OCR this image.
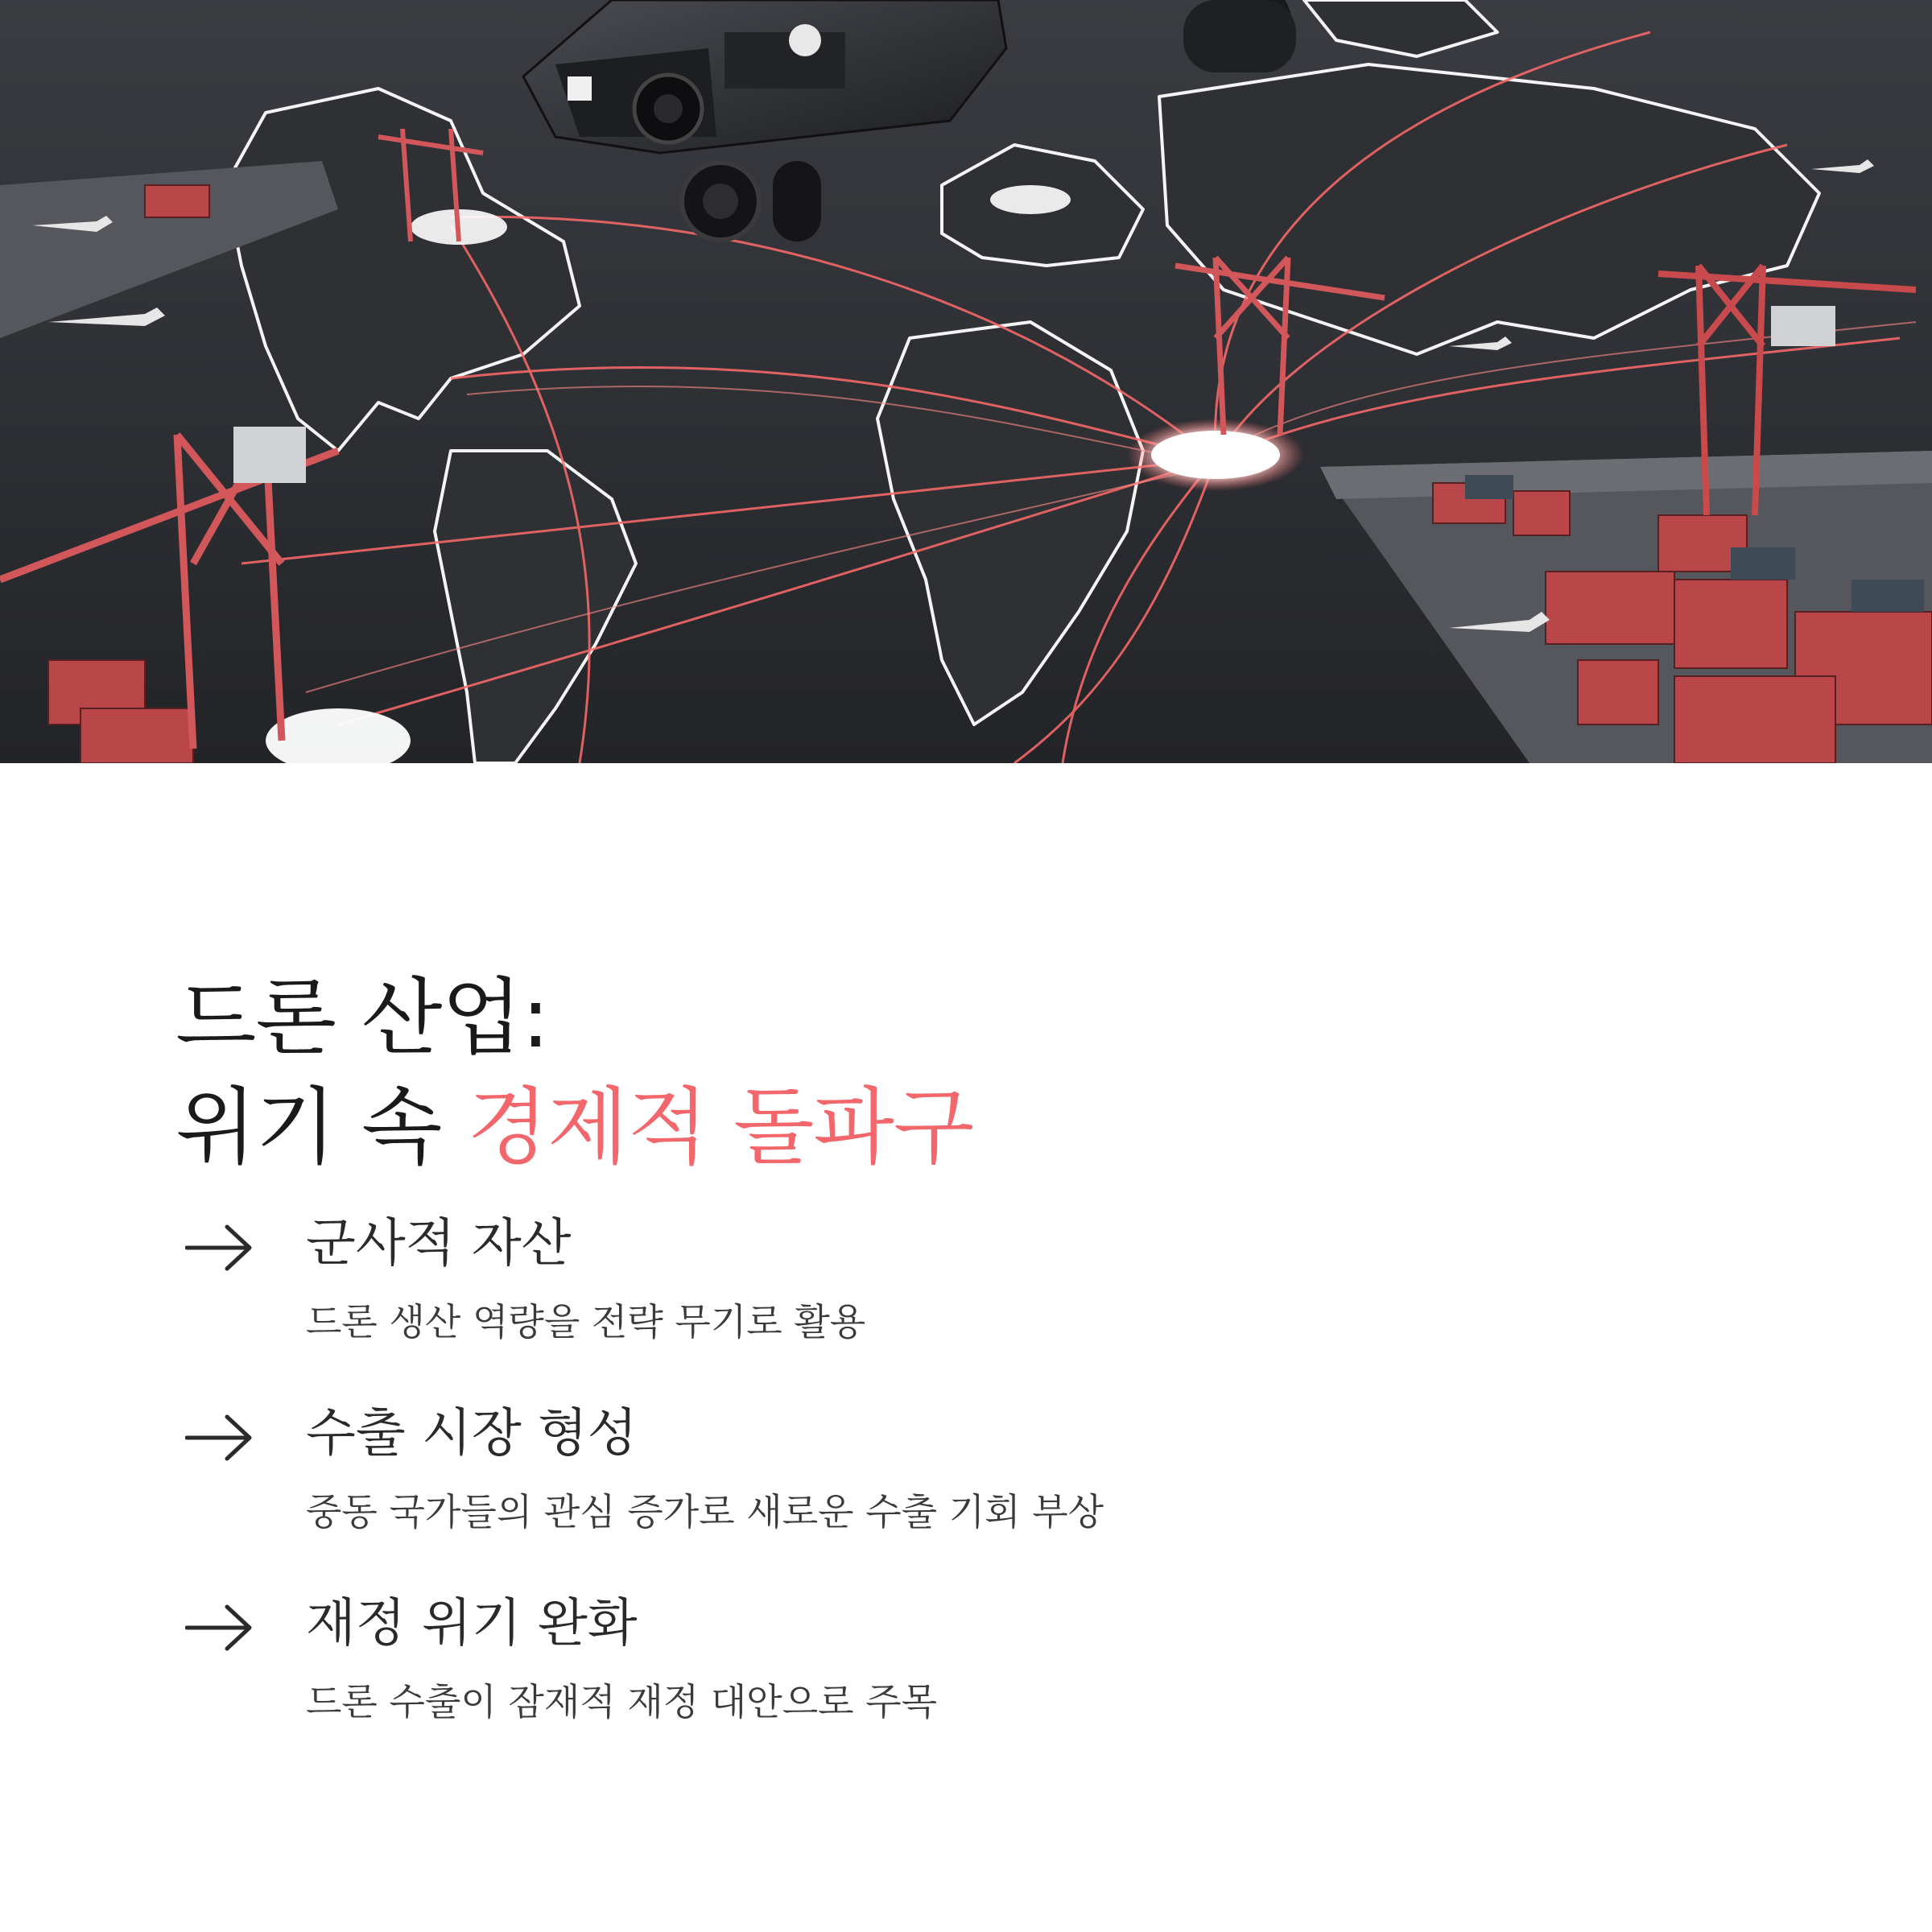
드론 산업:
위기 속 경제적 돌파구
군사적 자산
드론 생산 역량을 전략 무기로 활용
수출 시장 형성
중동 국가들의 관심 증가로 새로운 수출 기회 부상
재정 위기 완화
드론 수출이 잠재적 재정 대안으로 주목
